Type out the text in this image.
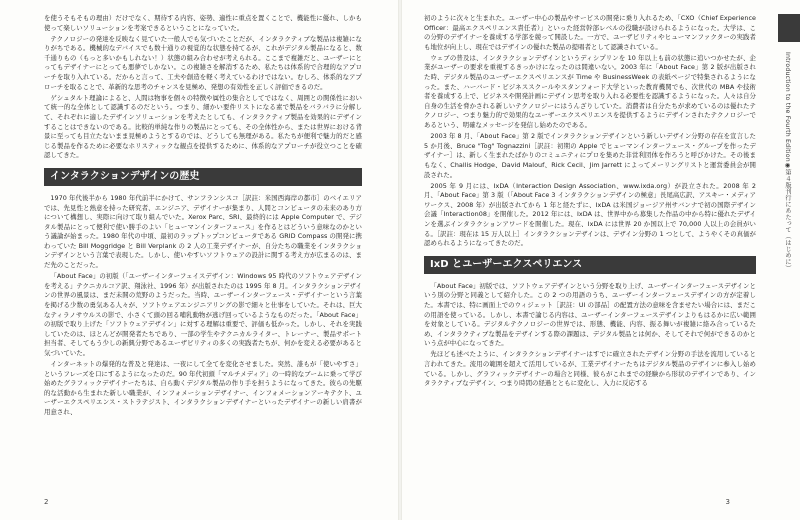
を使うそもそもの理由）だけでなく、期待する内容、姿勢、適性に重点を置くことで、機能性に優れ、しかも使って楽しいソリューションを考案できるということになっていた。

テクノロジーの発達を反映なく見ていた一般人でも気づいたことだが、インタラクティブな製品は複雑になりがちである。機械的なデバイスでも数十通りの視覚的な状態を持てるが、これがデジタル製品になると、数千通りもの（もっと多いかもしれない！）状態の組み合わせが考えられる。ここまで複雑だと、ユーザーにとってもデザイナーにとっても悪夢でしかない。この複雑さを解消するため、私たちは体系的で合理的なアプローチを取り入れている。だからと言って、工夫や創造を軽く考えているわけではない。むしろ、体系的なアプローチを取ることで、革新的な思考のチャンスを見極め、発想の有効性を正しく評価できるのだ。

ゲシュタルト理論によると、人間は物事を個々の特徴や属性の集合としてではなく、周囲との関係性において統一的な全体として認識するのだという。つまり、細かい要件リストになる素で製品をバラバラに分解して、それぞれに適したデザインソリューションを考えたとしても、インタラクティブ製品を効果的にデザインすることはできないのである。比較的単純な作りの製品にとっても、その全体性から、または世界における背景に至っても目立たないまま見極めようとするのでは、どうしても無理がある。私たちが便利で魅力的だと感じる製品を作るために必要なホリスティックな観点を提供するために、体系的なアプローチが役立つことを確認してきた。

インタラクションデザインの歴史

1970 年代後半から 1980 年代前半にかけて、サンフランシスコ［訳註：米国西海岸の都市］のベイエリアでは、先見性と熱意を持った研究者、エンジニア、デザイナーが集まり、人間とコンピュータの未来のあり方について構想し、実際に向けて取り組んでいた。Xerox Parc、SRI、最終的には Apple Computer で、デジタル製品にとって便利で使い勝手のよい「ヒューマンインターフェース」を作るとはどういう意味なのかという議論が始まった。1980 年代の中頃、最初のラップトップコンピュータである GRID Compass の開発に携わっていた Bill Moggridge と Bill Verplank の 2 人の工業デザイナーが、自分たちの職業をインタラクションデザインという言葉で表現した。しかし、使いやすいソフトウェアの設計に関する考え方が広まるのは、まだ先のことだった。

「About Face」の初版（「ユーザーインターフェイスデザイン：Windows 95 時代のソフトウェアデザインを考える」テクニカルコア訳、翔泳社、1996 年）が出版されたのは 1995 年 8 月。インタラクションデザインの世界の風景は、まだ未開の荒野のようだった。当時、ユーザーインターフェース・デザイナーという言葉を掲げる少数の勇気ある人々が、ソフトウェアエンジニアリングの影で細々と仕事をしていた。それは、巨大なティラノサウルスの影で、小さくて頭の回る哺乳動物が逃げ回っているようなものだった。「About Face」の初版で取り上げた「ソフトウェアデザイン」に対する理解は重要で、評価も低かった。しかし、それを実践していたのは、ほとんどが開発者たちであり、一部の学生やテクニカルライター、トレーナー、製品サポート担当者、そしてもう少しの新興分野であるユーザビリティの多くの実践者たちが、何かを変える必要があると気づいていた。

インターネットの爆発的な普及と発達は、一夜にして全てを変化させました。突然、誰もが「使いやすさ」というフレーズを口にするようになったのだ。90 年代初頭「マルチメディア」の一時的なブームに乗って学び始めたグラフィックデザイナーたちは、自ら動くデジタル製品の作り手を担うようになってきた。彼らの先駆的な活動から生まれた新しい職業が、インフォメーションデザイナー、インフォメーションアーキテクト、ユーザーエクスペリエンス・ストラテジスト、インタラクションデザイナーといったデザイナーの新しい肩書が用意され、

2

初のように次々と生まれた。ユーザー中心の製品やサービスの開発に乗り入れるため、「CXO（Chief Experience Officer：最高エクスペリエンス責任者）」といった経営幹部レベルの役職が設けられるようになった。大学は、この分野のデザイナーを養成する学部を競って開設した。一方で、ユーザビリティやヒューマンファクターの実践者も地位が向上し、現在ではデザインの優れた製品の提唱者として認識されている。

ウェブの普及は、インタラクションデザインというディシプリンを 10 年以上も前の状態に追いつかせたが、企業がユーザーの要求を重視するきっかけになったのは間違いない。2003 年に「About Face」第 2 版が出版された時、デジタル製品のユーザーエクスペリエンスが Time や BusinessWeek の表紙ページで特集されるようになった。また、ハーバード・ビジネススクールやスタンフォード大学といった教育機関でも、次世代の MBA や技術者を養成する上で、ビジネスや開発計画にデザイン思考を取り入れる必要性を認識するようになった。人々は自分自身の生活を脅かされる新しいテクノロジーにはうんざりしていた。消費者は自分たちが求めているのは優れたテクノロジー、つまり魅力的で効果的なユーザーエクスペリエンスを提供するようにデザインされたテクノロジーであるという、明確なメッセージを発信し始めたのである。

2003 年 8 月、「About Face」第 2 版でインタラクションデザインという新しいデザイン分野の存在を宣言した 5 か月後、Bruce "Tog" Tognazzini［訳註：初期の Apple でヒューマンインターフェース・グループを作ったデザイナー］は、新しく生まれたばかりのコミュニティにプロを集めた非営利団体を作ろうと呼びかけた。その後まもなく、Challis Hodge、David Malouf、Rick Cecil、Jim Jarrett によってメーリングリストと運営委員会が開設された。

2005 年 9 月には、IxDA（Interaction Design Association、www.ixda.org）が設立された。2008 年 2 月、「About Face」第 3 版（「About Face 3 インタラクションデザインの極意」長尾高広訳、アスキー・メディアワークス、2008 年）が出版されてから 1 年と経たずに、IxDA は米国ジョージア州サバンナで初の国際デザイン会議「Interaction08」を開催した。2012 年には、IxDA は、世界中から募集した作品の中から特に優れたデザインを選ぶインタラクションアワードを開催した。現在、IxDA には世界 20 か国以上で 70,000 人以上の会員がいる。［訳註：現在は 15 万人以上］インタラクションデザインは、デザイン分野の 1 つとして、ようやくその真価が認められるようになってきたのだ。

IxD とユーザーエクスペリエンス

「About Face」初版では、ソフトウェアデザインという分野を取り上げ、ユーザーインターフェースデザインという別の分野と同義として紹介した。この 2 つの用語のうち、ユーザーインターフェースデザインの方が定着した。本書では、特に画面上でのウィジェット［訳註：UI の部品］の配置方法の意味を含ませたい場合には、まだこの用語を使っている。しかし、本書で論じる内容は、ユーザーインターフェースデザインよりもはるかに広い範囲を対象としている。デジタルテクノロジーの世界では、形態、機能、内容、振る舞いが複雑に絡み合っているため、インタラクティブな製品をデザインする際の課題は、デジタル製品とは何か、そしてそれで何ができるのかという点が中心になってきた。

先ほども述べたように、インタラクションデザイナーはすでに確立されたデザイン分野の手法を流用していると言われてきた。流用の範囲を超えて活用しているが、工業デザイナーたちはデジタル製品のデザインに参入し始めている。しかし、グラフィックデザイナーの場合と同様、彼らがこれまでの経験から形状のデザインであり、インタラクティブなデザイン、つまり時間の経過とともに変化し、入力に反応する

3
Introduction to the Fourth Edition◉第４版刊行にあたって（はじめに）
